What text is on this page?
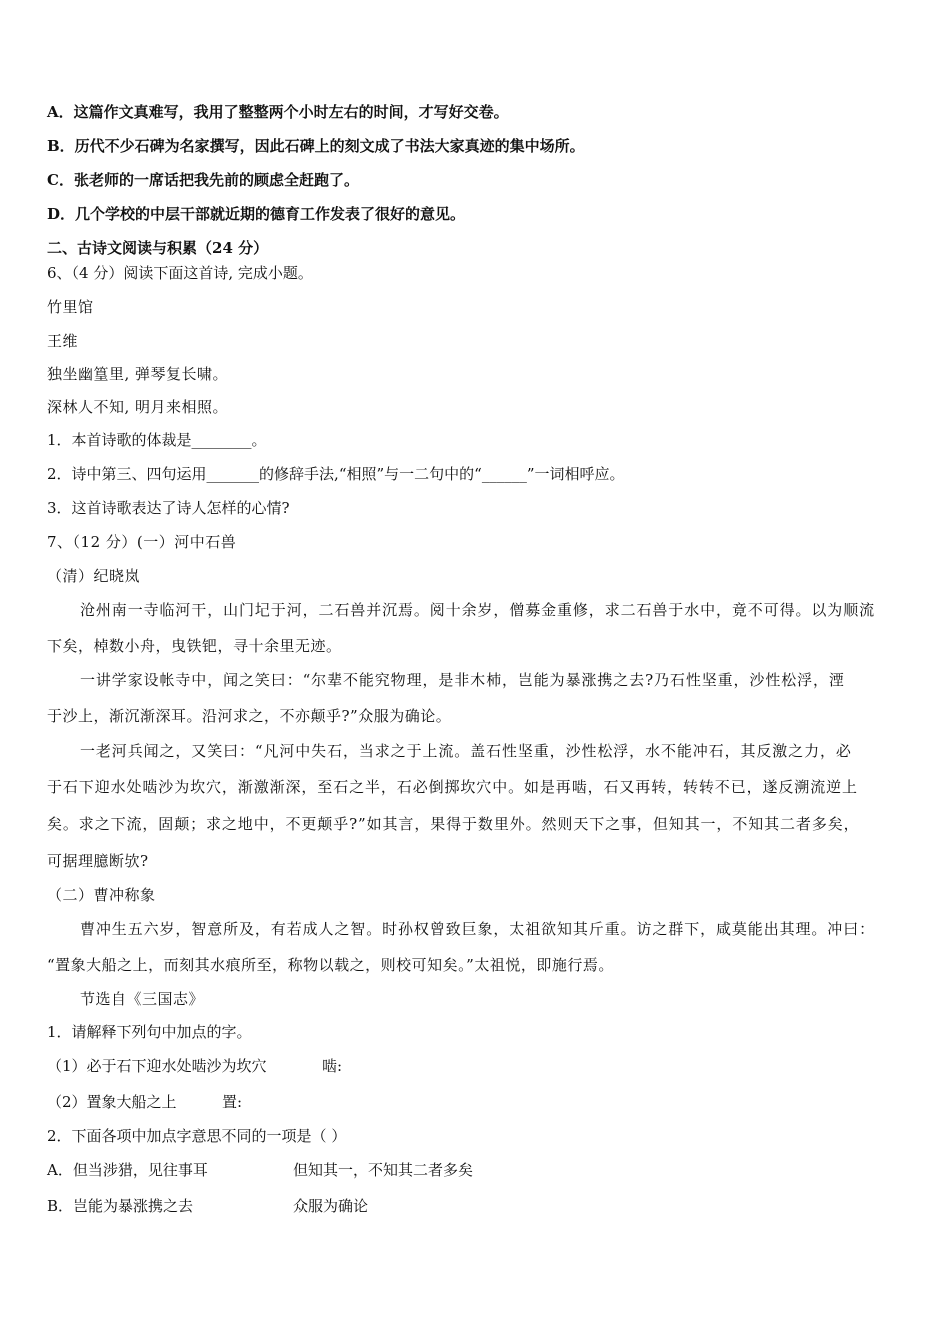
A．这篇作文真难写，我用了整整两个小时左右的时间，才写好交卷。
B．历代不少石碑为名家撰写，因此石碑上的刻文成了书法大家真迹的集中场所。
C．张老师的一席话把我先前的顾虑全赶跑了。
D．几个学校的中层干部就近期的德育工作发表了很好的意见。
二、古诗文阅读与积累（24 分）
6、（4 分）阅读下面这首诗, 完成小题。
竹里馆
王维
独坐幽篁里, 弹琴复长啸。
深林人不知, 明月来相照。
1．本首诗歌的体裁是________。
2．诗中第三、四句运用_______的修辞手法,“相照”与一二句中的“______”一词相呼应。
3．这首诗歌表达了诗人怎样的心情?
7、（12 分）(一）河中石兽
（清）纪晓岚
沧州南一寺临河干，山门圮于河，二石兽并沉焉。阅十余岁，僧募金重修，求二石兽于水中，竟不可得。以为顺流
下矣，棹数小舟，曳铁钯，寻十余里无迹。
一讲学家设帐寺中，闻之笑曰：“尔辈不能究物理，是非木杮，岂能为暴涨携之去?乃石性坚重，沙性松浮，湮
于沙上，渐沉渐深耳。沿河求之，不亦颠乎?”众服为确论。
一老河兵闻之，又笑曰：“凡河中失石，当求之于上流。盖石性坚重，沙性松浮，水不能冲石，其反激之力，必
于石下迎水处啮沙为坎穴，渐激渐深，至石之半，石必倒掷坎穴中。如是再啮，石又再转，转转不已，遂反溯流逆上
矣。求之下流，固颠；求之地中，不更颠乎?”如其言，果得于数里外。然则天下之事，但知其一，不知其二者多矣，
可据理臆断欤?
（二）曹冲称象
曹冲生五六岁，智意所及，有若成人之智。时孙权曾致巨象，太祖欲知其斤重。访之群下，咸莫能出其理。冲曰：
“置象大船之上，而刻其水痕所至，称物以载之，则校可知矣。”太祖悦，即施行焉。
节选自《三国志》
1．请解释下列句中加点的字。
（1）必于石下迎水处啮沙为坎穴	啮:
（2）置象大船之上	置:
2．下面各项中加点字意思不同的一项是（ ）
A．但当涉猎，见往事耳	但知其一，不知其二者多矣
B．岂能为暴涨携之去	众服为确论
